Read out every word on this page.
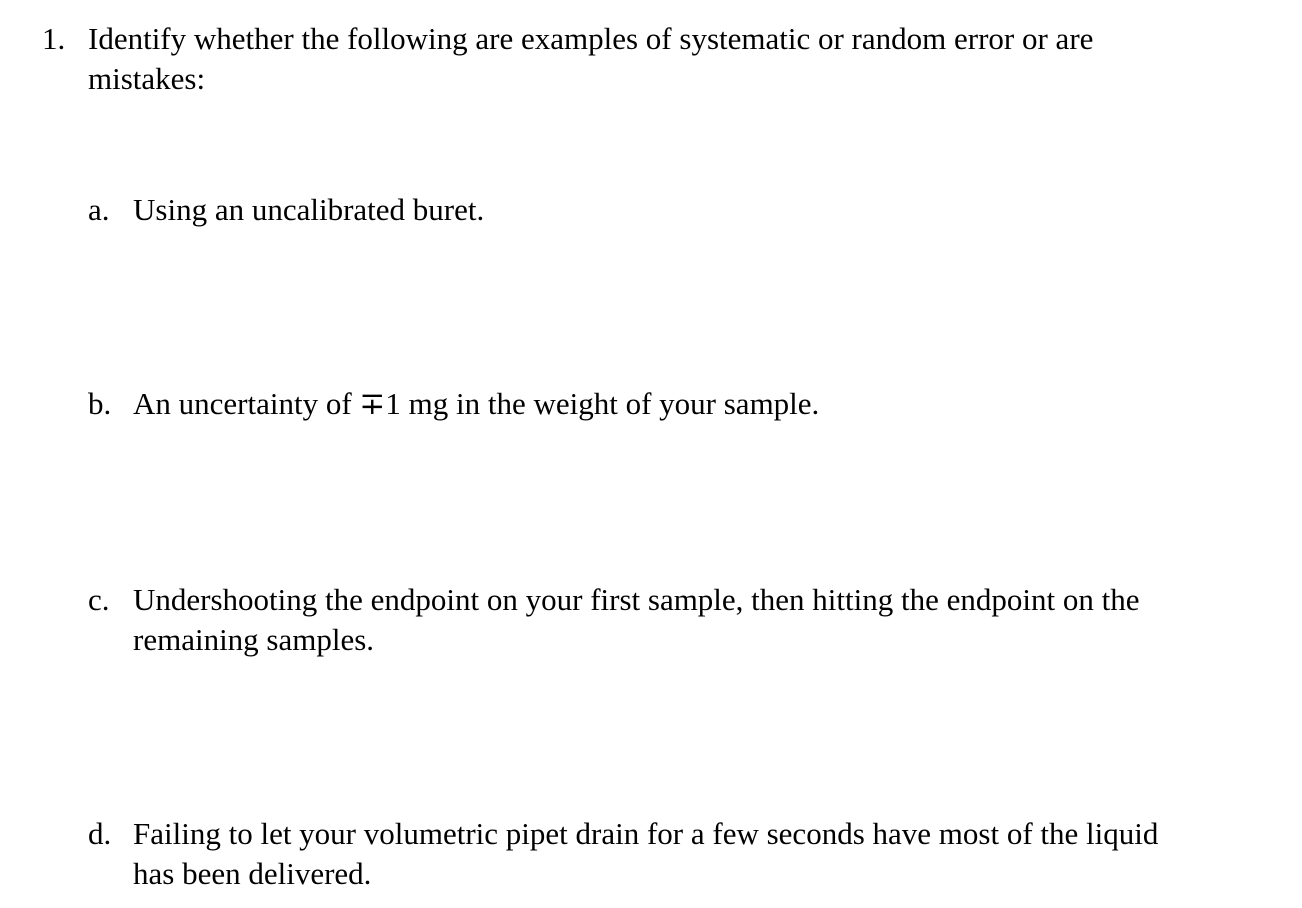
1. Identify whether the following are examples of systematic or random error or are mistakes:
a. Using an uncalibrated buret.
b. An uncertainty of ∓1 mg in the weight of your sample.
c. Undershooting the endpoint on your first sample, then hitting the endpoint on the remaining samples.
d. Failing to let your volumetric pipet drain for a few seconds have most of the liquid has been delivered.
